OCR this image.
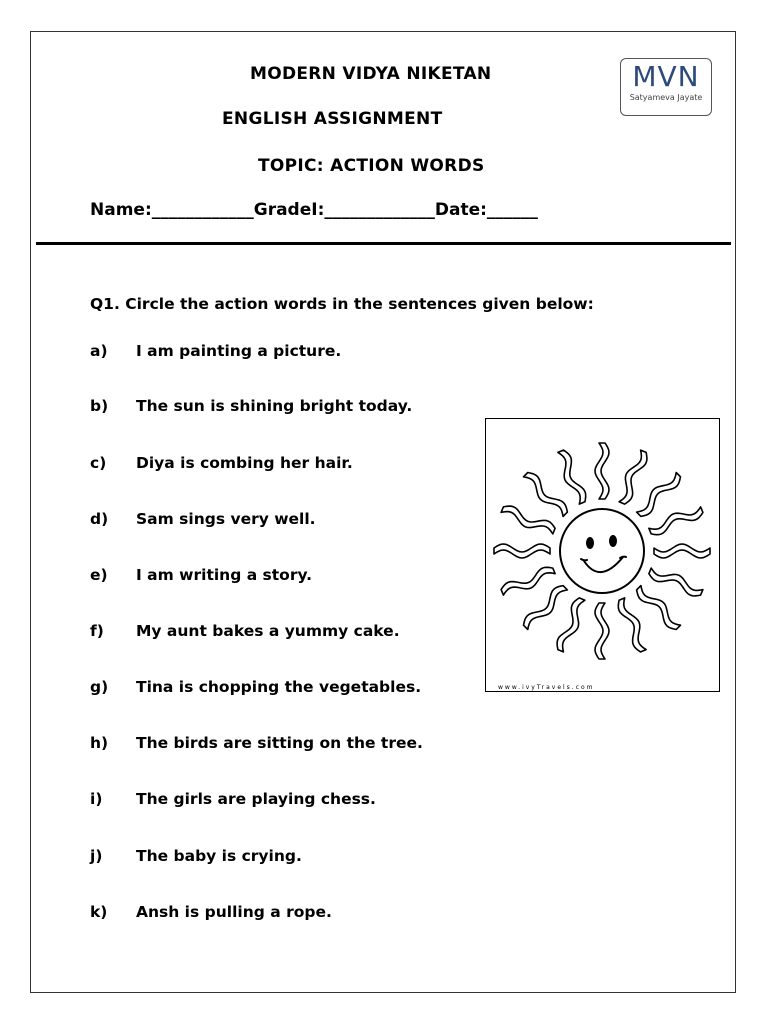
MODERN VIDYA NIKETAN
ENGLISH ASSIGNMENT
TOPIC: ACTION WORDS
MVN
Satyameva Jayate
Name:____________GradeI:_____________Date:______
Q1. Circle the action words in the sentences given below:
a) I am painting a picture.
b) The sun is shining bright today.
c) Diya is combing her hair.
d) Sam sings very well.
e) I am writing a story.
f) My aunt bakes a yummy cake.
g) Tina is chopping the vegetables.
h) The birds are sitting on the tree.
i) The girls are playing chess.
j) The baby is crying.
k) Ansh is pulling a rope.
www.ivyTravels.com
